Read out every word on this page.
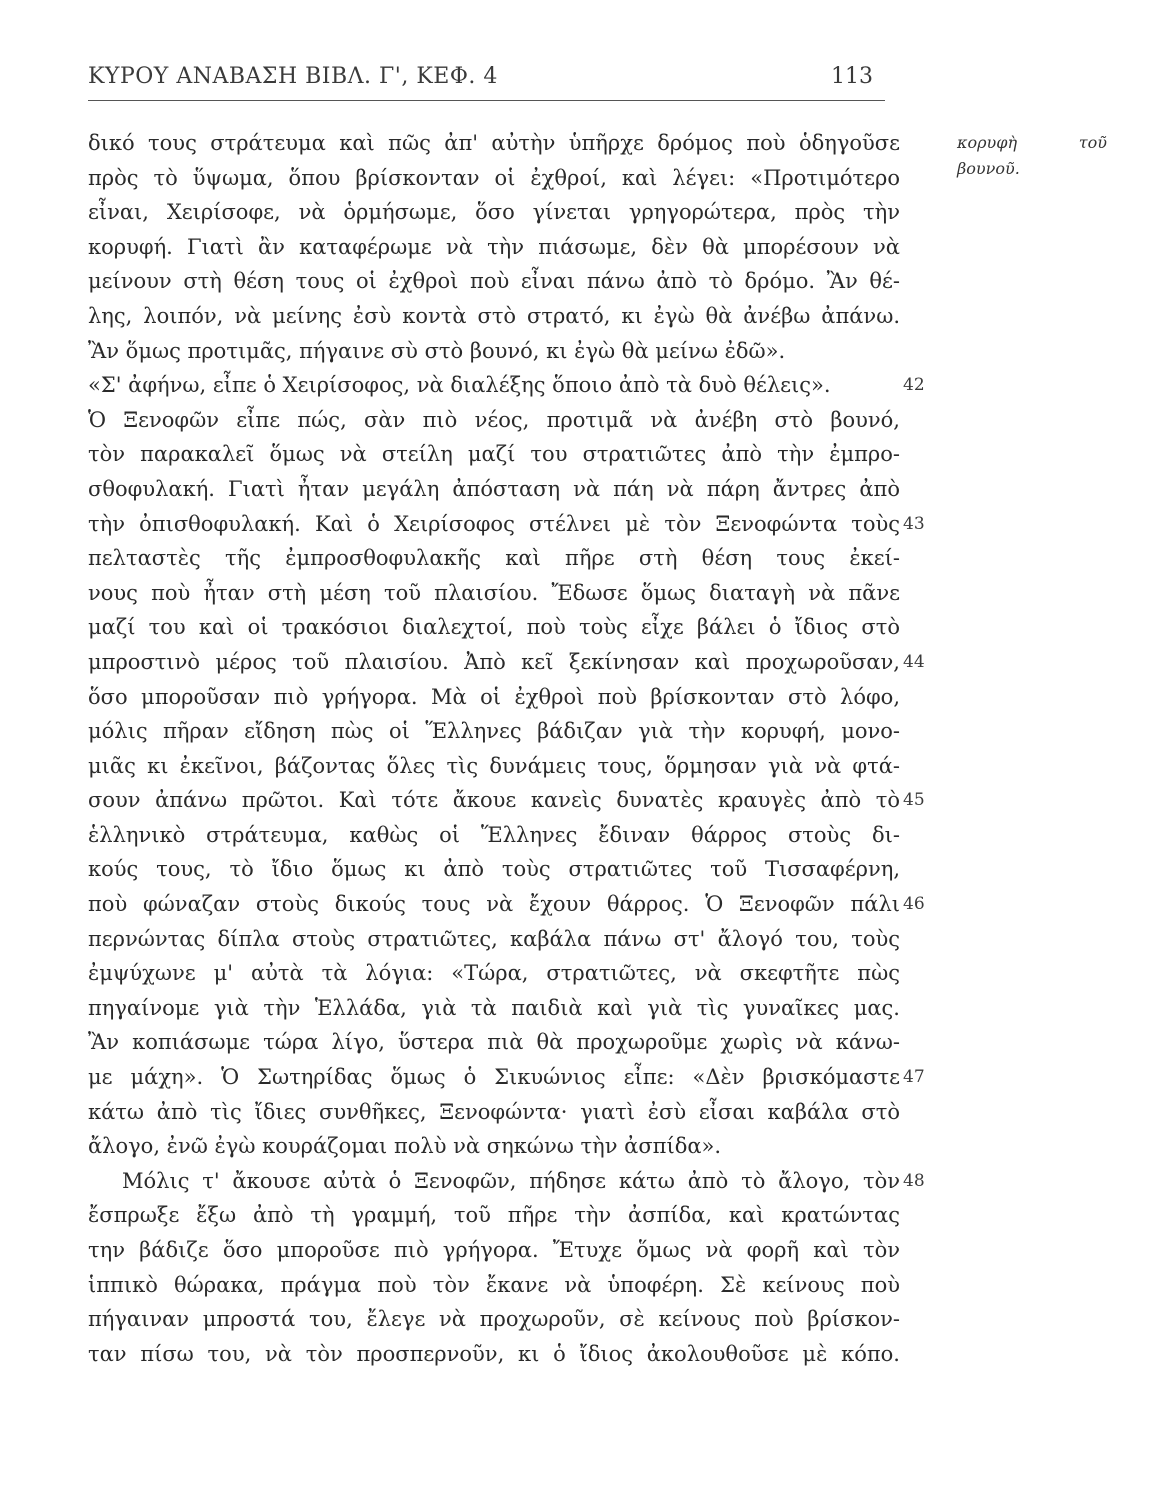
ΚΥΡΟΥ ΑΝΑΒΑΣΗ ΒΙΒΛ. Γ', ΚΕΦ. 4	113
κορυφὴ	τοῦ
βουνοῦ.
δικό τους στράτευμα καὶ πῶς ἀπ' αὐτὴν ὑπῆρχε δρόμος ποὺ ὁδηγοῦσε
πρὸς τὸ ὕψωμα, ὅπου βρίσκονταν οἱ ἐχθροί, καὶ λέγει: «Προτιμότερο
εἶναι, Χειρίσοφε, νὰ ὁρμήσωμε, ὅσο γίνεται γρηγορώτερα, πρὸς τὴν
κορυφή. Γιατὶ ἂν καταφέρωμε νὰ τὴν πιάσωμε, δὲν θὰ μπορέσουν νὰ
μείνουν στὴ θέση τους οἱ ἐχθροὶ ποὺ εἶναι πάνω ἀπὸ τὸ δρόμο. Ἂν θέ-
λης, λοιπόν, νὰ μείνης ἐσὺ κοντὰ στὸ στρατό, κι ἐγὼ θὰ ἀνέβω ἀπάνω.
Ἂν ὅμως προτιμᾶς, πήγαινε σὺ στὸ βουνό, κι ἐγὼ θὰ μείνω ἐδῶ».
«Σ' ἀφήνω, εἶπε ὁ Χειρίσοφος, νὰ διαλέξης ὅποιο ἀπὸ τὰ δυὸ θέλεις».	42
Ὁ Ξενοφῶν εἶπε πώς, σὰν πιὸ νέος, προτιμᾶ νὰ ἀνέβη στὸ βουνό,
τὸν παρακαλεῖ ὅμως νὰ στείλη μαζί του στρατιῶτες ἀπὸ τὴν ἐμπρο-
σθοφυλακή. Γιατὶ ἦταν μεγάλη ἀπόσταση νὰ πάη νὰ πάρη ἄντρες ἀπὸ
τὴν ὀπισθοφυλακή. Καὶ ὁ Χειρίσοφος στέλνει μὲ τὸν Ξενοφώντα τοὺς 43
πελταστὲς τῆς ἐμπροσθοφυλακῆς καὶ πῆρε στὴ θέση τους ἐκεί-
νους ποὺ ἦταν στὴ μέση τοῦ πλαισίου. Ἔδωσε ὅμως διαταγὴ νὰ πᾶνε
μαζί του καὶ οἱ τρακόσιοι διαλεχτοί, ποὺ τοὺς εἶχε βάλει ὁ ἴδιος στὸ
μπροστινὸ μέρος τοῦ πλαισίου. Ἀπὸ κεῖ ξεκίνησαν καὶ προχωροῦσαν, 44
ὅσο μποροῦσαν πιὸ γρήγορα. Μὰ οἱ ἐχθροὶ ποὺ βρίσκονταν στὸ λόφο,
μόλις πῆραν εἴδηση πὼς οἱ Ἕλληνες βάδιζαν γιὰ τὴν κορυφή, μονο-
μιᾶς κι ἐκεῖνοι, βάζοντας ὅλες τὶς δυνάμεις τους, ὅρμησαν γιὰ νὰ φτά-
σουν ἀπάνω πρῶτοι. Καὶ τότε ἄκουε κανεὶς δυνατὲς κραυγὲς ἀπὸ τὸ 45
ἑλληνικὸ στράτευμα, καθὼς οἱ Ἕλληνες ἔδιναν θάρρος στοὺς δι-
κούς τους, τὸ ἴδιο ὅμως κι ἀπὸ τοὺς στρατιῶτες τοῦ Τισσαφέρνη,
ποὺ φώναζαν στοὺς δικούς τους νὰ ἔχουν θάρρος. Ὁ Ξενοφῶν πάλι 46
περνώντας δίπλα στοὺς στρατιῶτες, καβάλα πάνω στ' ἄλογό του, τοὺς
ἐμψύχωνε μ' αὐτὰ τὰ λόγια: «Τώρα, στρατιῶτες, νὰ σκεφτῆτε πὼς
πηγαίνομε γιὰ τὴν Ἑλλάδα, γιὰ τὰ παιδιὰ καὶ γιὰ τὶς γυναῖκες μας.
Ἂν κοπιάσωμε τώρα λίγο, ὕστερα πιὰ θὰ προχωροῦμε χωρὶς νὰ κάνω-
με μάχη». Ὁ Σωτηρίδας ὅμως ὁ Σικυώνιος εἶπε: «Δὲν βρισκόμαστε 47
κάτω ἀπὸ τὶς ἴδιες συνθῆκες, Ξενοφώντα· γιατὶ ἐσὺ εἶσαι καβάλα στὸ
ἄλογο, ἐνῶ ἐγὼ κουράζομαι πολὺ νὰ σηκώνω τὴν ἀσπίδα».
Μόλις τ' ἄκουσε αὐτὰ ὁ Ξενοφῶν, πήδησε κάτω ἀπὸ τὸ ἄλογο, τὸν 48
ἔσπρωξε ἔξω ἀπὸ τὴ γραμμή, τοῦ πῆρε τὴν ἀσπίδα, καὶ κρατώντας
την βάδιζε ὅσο μποροῦσε πιὸ γρήγορα. Ἔτυχε ὅμως νὰ φορῆ καὶ τὸν
ἱππικὸ θώρακα, πράγμα ποὺ τὸν ἔκανε νὰ ὑποφέρη. Σὲ κείνους ποὺ
πήγαιναν μπροστά του, ἔλεγε νὰ προχωροῦν, σὲ κείνους ποὺ βρίσκον-
ταν πίσω του, νὰ τὸν προσπερνοῦν, κι ὁ ἴδιος ἀκολουθοῦσε μὲ κόπο.
